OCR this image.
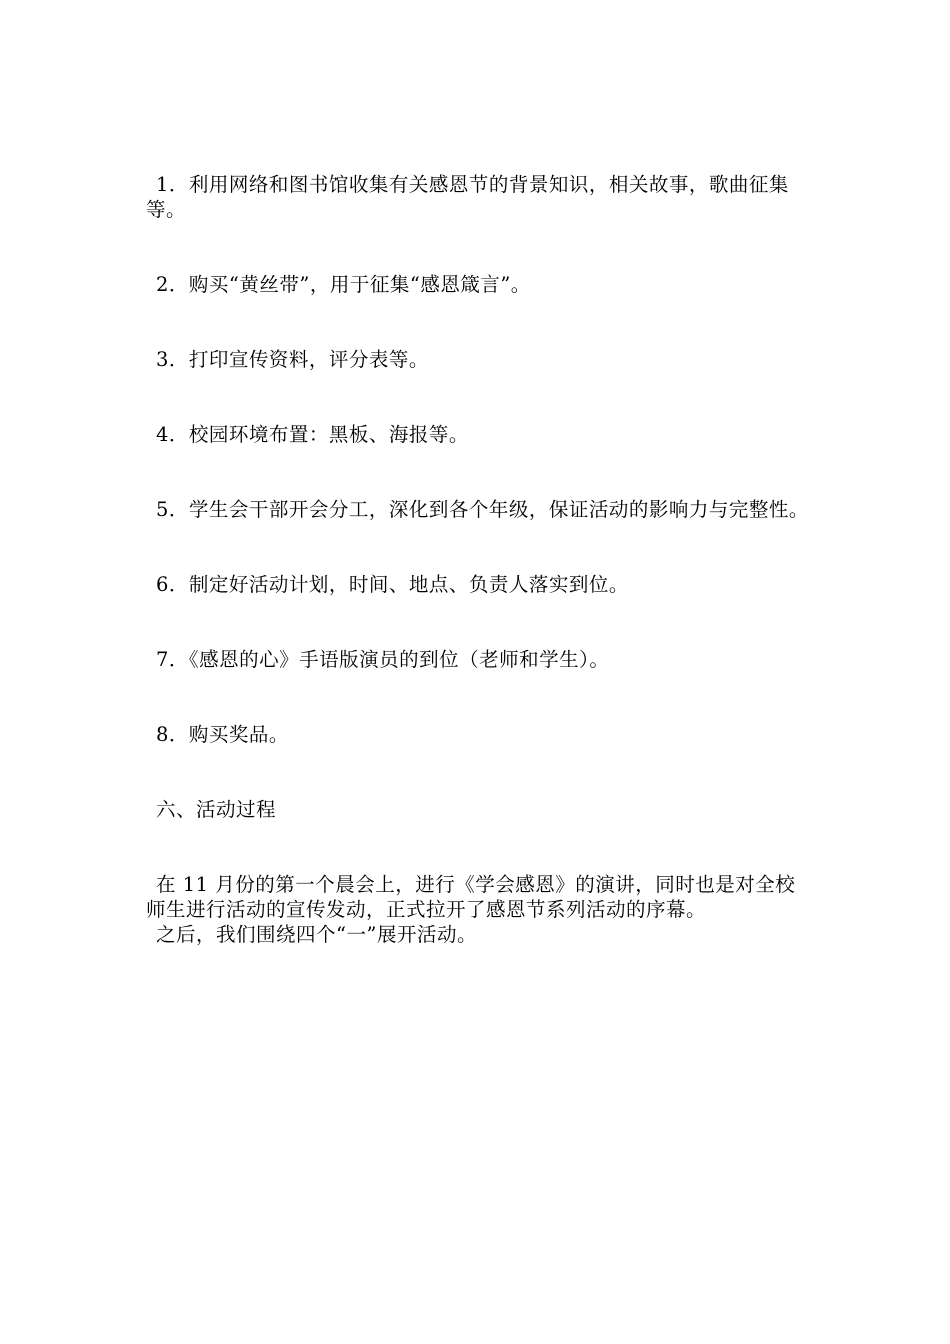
1．利用网络和图书馆收集有关感恩节的背景知识，相关故事，歌曲征集等。

2．购买“黄丝带”，用于征集“感恩箴言”。

3．打印宣传资料，评分表等。

4．校园环境布置：黑板、海报等。

5．学生会干部开会分工，深化到各个年级，保证活动的影响力与完整性。

6．制定好活动计划，时间、地点、负责人落实到位。

7．《感恩的心》手语版演员的到位（老师和学生）。

8．购买奖品。

六、活动过程

在 11 月份的第一个晨会上，进行《学会感恩》的演讲，同时也是对全校师生进行活动的宣传发动，正式拉开了感恩节系列活动的序幕。

之后，我们围绕四个“一”展开活动。
